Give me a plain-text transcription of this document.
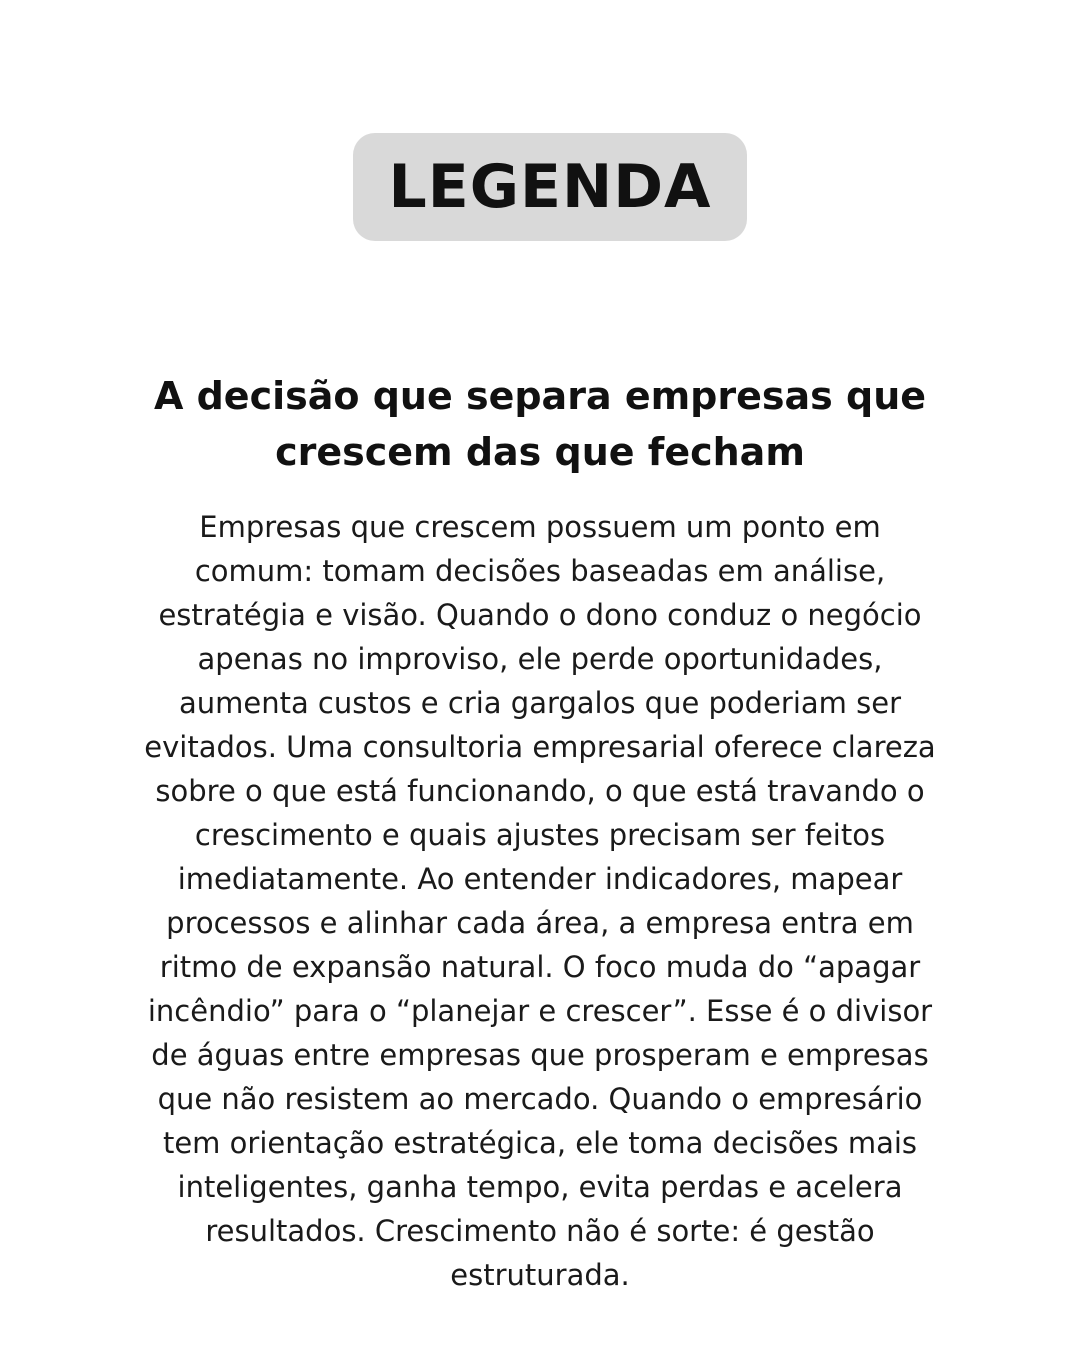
LEGENDA
A decisão que separa empresas que
crescem das que fecham

Empresas que crescem possuem um ponto em
comum: tomam decisões baseadas em análise,
estratégia e visão. Quando o dono conduz o negócio
apenas no improviso, ele perde oportunidades,
aumenta custos e cria gargalos que poderiam ser
evitados. Uma consultoria empresarial oferece clareza
sobre o que está funcionando, o que está travando o
crescimento e quais ajustes precisam ser feitos
imediatamente. Ao entender indicadores, mapear
processos e alinhar cada área, a empresa entra em
ritmo de expansão natural. O foco muda do “apagar
incêndio” para o “planejar e crescer”. Esse é o divisor
de águas entre empresas que prosperam e empresas
que não resistem ao mercado. Quando o empresário
tem orientação estratégica, ele toma decisões mais
inteligentes, ganha tempo, evita perdas e acelera
resultados. Crescimento não é sorte: é gestão
estruturada.
